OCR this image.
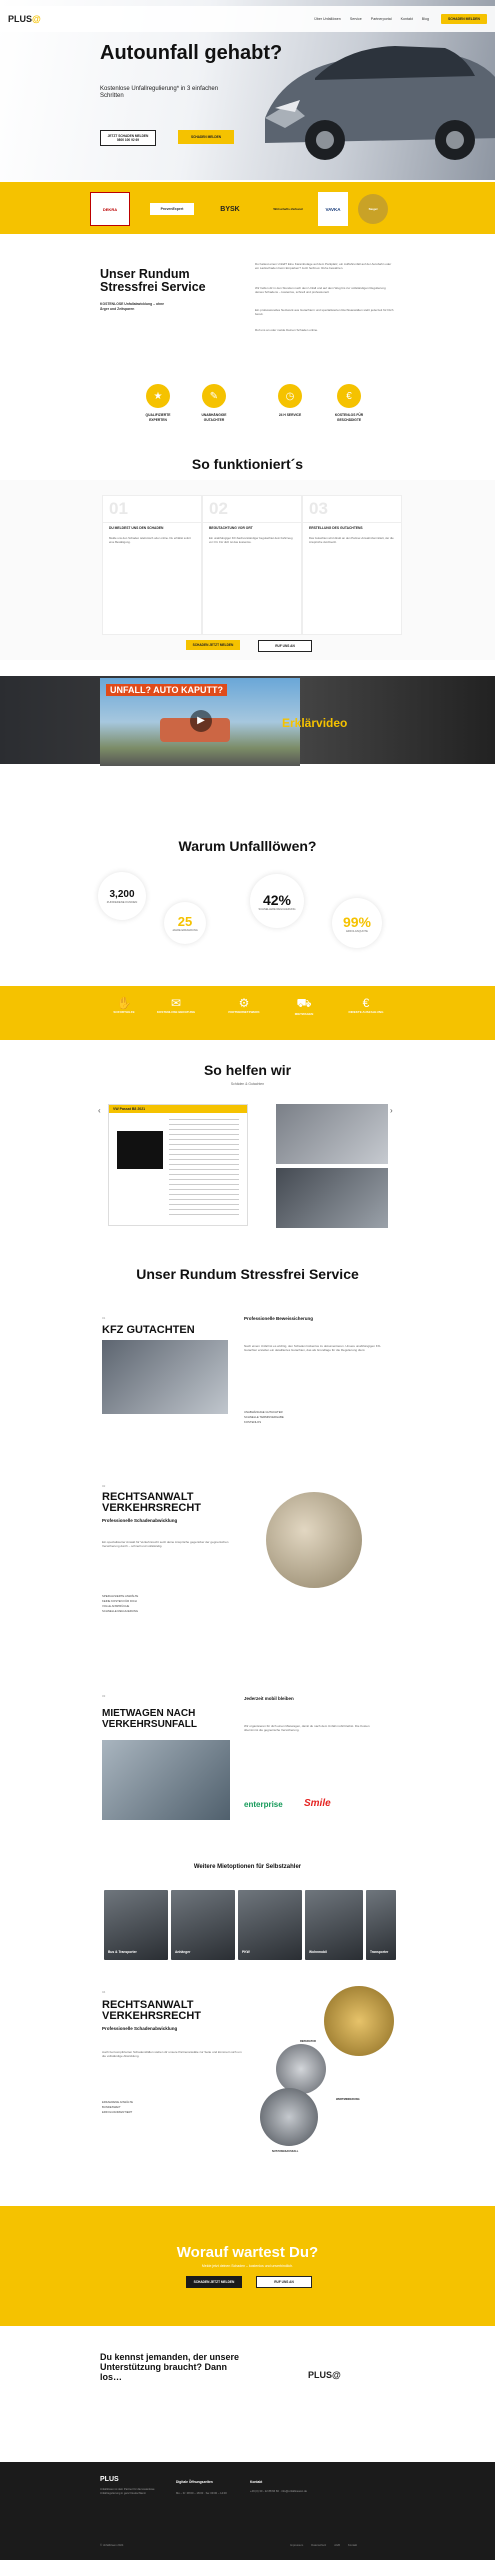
Autounfall gehabt?
Kostenlose Unfallregulierung* in 3 einfachen Schritten
JETZT SCHADEN MELDEN
0800 100 92 69
SCHADEN MELDEN
PLUS@	Über Unfallöwen	Service	Partnerportal	Kontakt	Blog	SCHADEN MELDEN
DEKRA	ProvenExpert	BYSK	Wirtschafts-Verband	VAVKA	Siegel
Unser Rundum Stressfrei Service
KOSTENLOSE Unfallabwicklung – ohne Ärger und Zeitsparen
Du hattest einen Unfall? Eine Karambolage auf dem Parkplatz, ein Auffahrunfall auf der Autobahn oder ein Lackschaden beim Einparken? Jetzt heißt es: Ruhe bewahren.
Wir helfen dir in den Stunden nach dem Unfall und auf dem Weg bis zur vollständigen Regulierung deines Schadens – kostenlos, schnell und professionell.
Ein professionelles Netzwerk aus Gutachtern und spezialisierten Rechtsanwälten steht jederzeit für Dich bereit.
Ruf uns an oder melde Deinen Schaden online.
★
QUALIFIZIERTE EXPERTEN
✎
UNABHÄNGIGE GUTACHTER
◷
24 H SERVICE
€
KOSTENLOS FÜR GESCHÄDIGTE
So funktioniert´s
01
DU MELDEST UNS DEN SCHADEN
Melde uns den Schaden telefonisch oder online. Du erhältst sofort eine Bestätigung.
02
BEGUTACHTUNG VOR ORT
Ein unabhängiger Kfz-Sachverständiger begutachtet dein Fahrzeug vor Ort. Für dich ist das kostenlos.
03
ERSTELLUNG DES GUTACHTENS
Das Gutachten wird direkt an den Partner-Anwalt übermittelt, der die Ansprüche durchsetzt.
SCHADEN JETZT MELDEN	RUF UNS AN
UNFALL? AUTO KAPUTT?
▶	Erklärvideo
Warum Unfalllöwen?
3,200
ZUFRIEDENE KUNDEN
25
JAHRE ERFAHRUNG
42%
SCHNELLERE REGULIERUNG
99%
ERFOLGSQUOTE
✋
SOFORTHILFE
✉
KOSTENLOSE BERATUNG
⚙
PARTNERNETZWERK
⛟
MIETWAGEN
€
DIREKTE AUSZAHLUNG
So helfen wir
Schäden & Gutachten
‹	›
VW Passat B8 2021
Unser Rundum Stressfrei Service
01
KFZ GUTACHTEN
Professionelle Beweissicherung
Nach einem Unfall ist es wichtig, den Schaden lückenlos zu dokumentieren. Unsere unabhängigen Kfz-Gutachter erstellen ein detailliertes Gutachten, das als Grundlage für die Regulierung dient.
UNABHÄNGIGE GUTACHTER
SCHNELLE TERMINVERGABE
KOSTENLOS
02
RECHTSANWALT VERKEHRSRECHT
Professionelle Schadenabwicklung
Ein spezialisierter Anwalt für Verkehrsrecht setzt deine Ansprüche gegenüber der gegnerischen Versicherung durch – schnell und vollständig.
SPEZIALISIERTE ANWÄLTE
KEINE KOSTEN FÜR DICH
VOLLE ANSPRÜCHE
SCHNELLE REGULIERUNG
03
MIETWAGEN NACH VERKEHRSUNFALL
Jederzeit mobil bleiben
Wir organisieren für dich einen Mietwagen, damit du nach dem Unfall mobil bleibst. Die Kosten übernimmt die gegnerische Versicherung.
enterprise Smile
Weitere Mietoptionen für Selbstzahler
Bus & Transporter	Anhänger	PKW	Wohnmobil	Transporter
04
RECHTSANWALT VERKEHRSRECHT
Professionelle Schadenabwicklung
Auch bei komplizierten Schadensfällen stehen dir unsere Partneranwälte zur Seite und kümmern sich um die vollständige Abwicklung.
ERFAHRENE ANWÄLTE
BUNDESWEIT
ERFOLGSORIENTIERT
REPARATUR
WERTMINDERUNG
NUTZUNGSAUSFALL
Worauf wartest Du?
Melde jetzt deinen Schaden – kostenlos und unverbindlich.
SCHADEN JETZT MELDEN	RUF UNS AN
Du kennst jemanden, der unsere Unterstützung braucht? Dann los…	PLUS@
PLUS
Unfalllöwen ist dein Partner für die kostenlose Unfallregulierung in ganz Deutschland.
Digitale Öffnungszeiten
Mo – Fr: 08:00 – 18:00 · Sa: 09:00 – 14:00
Kontakt
+49 (0) 30 - 22 88 66 66 · info@unfallloewen.de
© Unfalllöwen 2024	Impressum	Datenschutz	AGB	Kontakt
